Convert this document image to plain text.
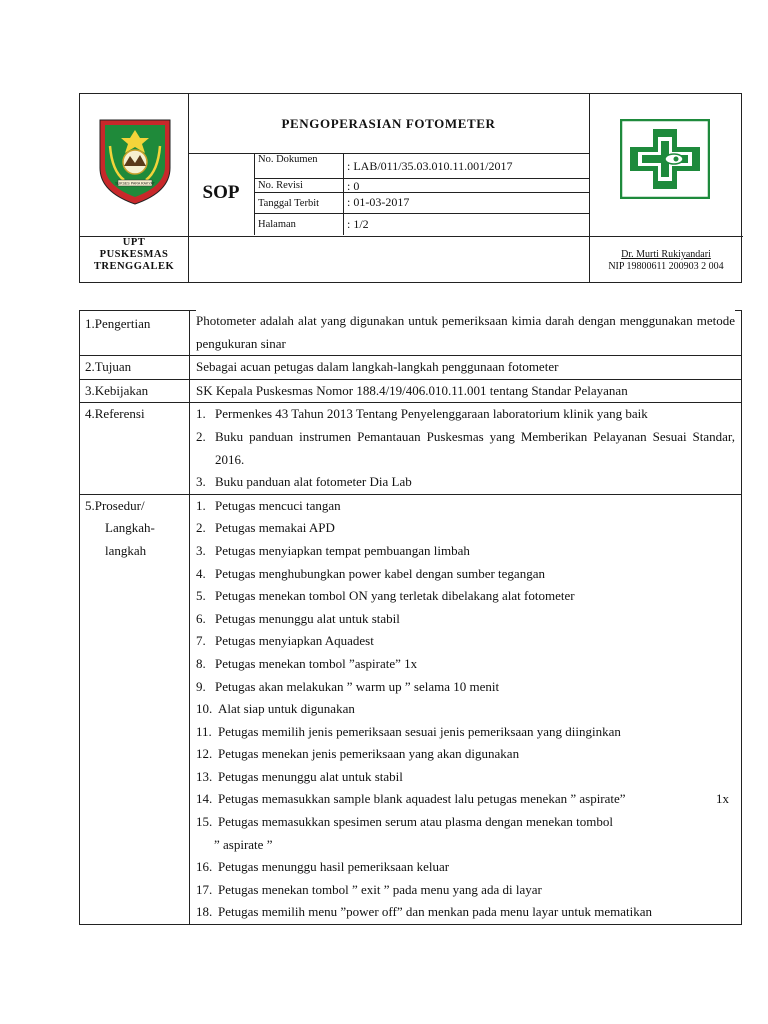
SUKSES PARA RAKYAT
UPT
PUSKESMAS
TRENGGALEK
PENGOPERASIAN FOTOMETER
SOP
No. Dokumen	: LAB/011/35.03.010.11.001/2017
No. Revisi	: 0
Tanggal Terbit : 01-03-2017
Halaman	: 1/2
Dr. Murti Rukiyandari
NIP 19800611 200903 2 004
1.Pengertian	Photometer adalah alat yang digunakan untuk pemeriksaan kimia darah dengan menggunakan metode pengukuran sinar
2.Tujuan	Sebagai acuan petugas dalam langkah-langkah penggunaan fotometer
3.Kebijakan	SK Kepala Puskesmas Nomor 188.4/19/406.010.11.001 tentang Standar Pelayanan
4.Referensi	1. Permenkes 43 Tahun 2013 Tentang Penyelenggaraan laboratorium klinik yang baik
2. Buku panduan instrumen Pemantauan Puskesmas yang Memberikan Pelayanan Sesuai Standar, 2016.
3. Buku panduan alat fotometer Dia Lab
5.Prosedur/
Langkah-
langkah
1. Petugas mencuci tangan
2. Petugas memakai APD
3. Petugas menyiapkan tempat pembuangan limbah
4. Petugas menghubungkan power kabel dengan sumber tegangan
5. Petugas menekan tombol ON yang terletak dibelakang alat fotometer
6. Petugas menunggu alat untuk stabil
7. Petugas menyiapkan Aquadest
8. Petugas menekan tombol ”aspirate” 1x
9. Petugas akan melakukan ” warm up ” selama 10 menit
10. Alat siap untuk digunakan
11. Petugas memilih jenis pemeriksaan sesuai jenis pemeriksaan yang diinginkan
12. Petugas menekan jenis pemeriksaan yang akan digunakan
13. Petugas menunggu alat untuk stabil
14. Petugas memasukkan sample blank aquadest lalu petugas menekan ” aspirate”	1x
15. Petugas memasukkan spesimen serum atau plasma dengan menekan tombol
” aspirate ”
16. Petugas menunggu hasil pemeriksaan keluar
17. Petugas menekan tombol ” exit ” pada menu yang ada di layar
18. Petugas memilih menu ”power off” dan menkan pada menu layar untuk mematikan
